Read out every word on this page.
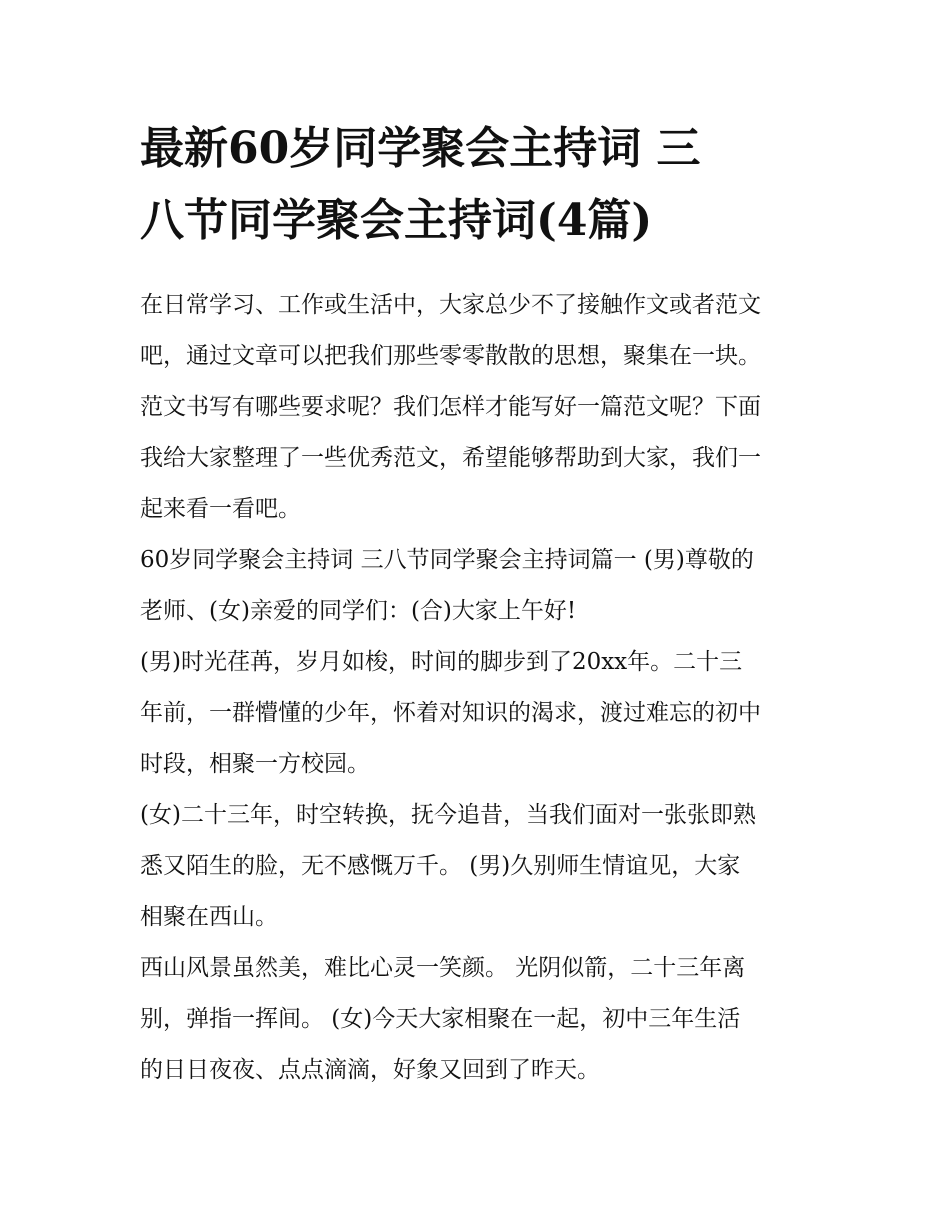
最新60岁同学聚会主持词 三
八节同学聚会主持词(4篇)

在日常学习、工作或生活中，大家总少不了接触作文或者范文
吧，通过文章可以把我们那些零零散散的思想，聚集在一块。
范文书写有哪些要求呢？我们怎样才能写好一篇范文呢？下面
我给大家整理了一些优秀范文，希望能够帮助到大家，我们一
起来看一看吧。

60岁同学聚会主持词 三八节同学聚会主持词篇一 (男)尊敬的
老师、(女)亲爱的同学们：(合)大家上午好!

(男)时光荏苒，岁月如梭，时间的脚步到了20xx年。二十三
年前，一群懵懂的少年，怀着对知识的渴求，渡过难忘的初中
时段，相聚一方校园。

(女)二十三年，时空转换，抚今追昔，当我们面对一张张即熟
悉又陌生的脸，无不感慨万千。 (男)久别师生情谊见，大家
相聚在西山。

西山风景虽然美，难比心灵一笑颜。 光阴似箭，二十三年离
别，弹指一挥间。 (女)今天大家相聚在一起，初中三年生活
的日日夜夜、点点滴滴，好象又回到了昨天。
